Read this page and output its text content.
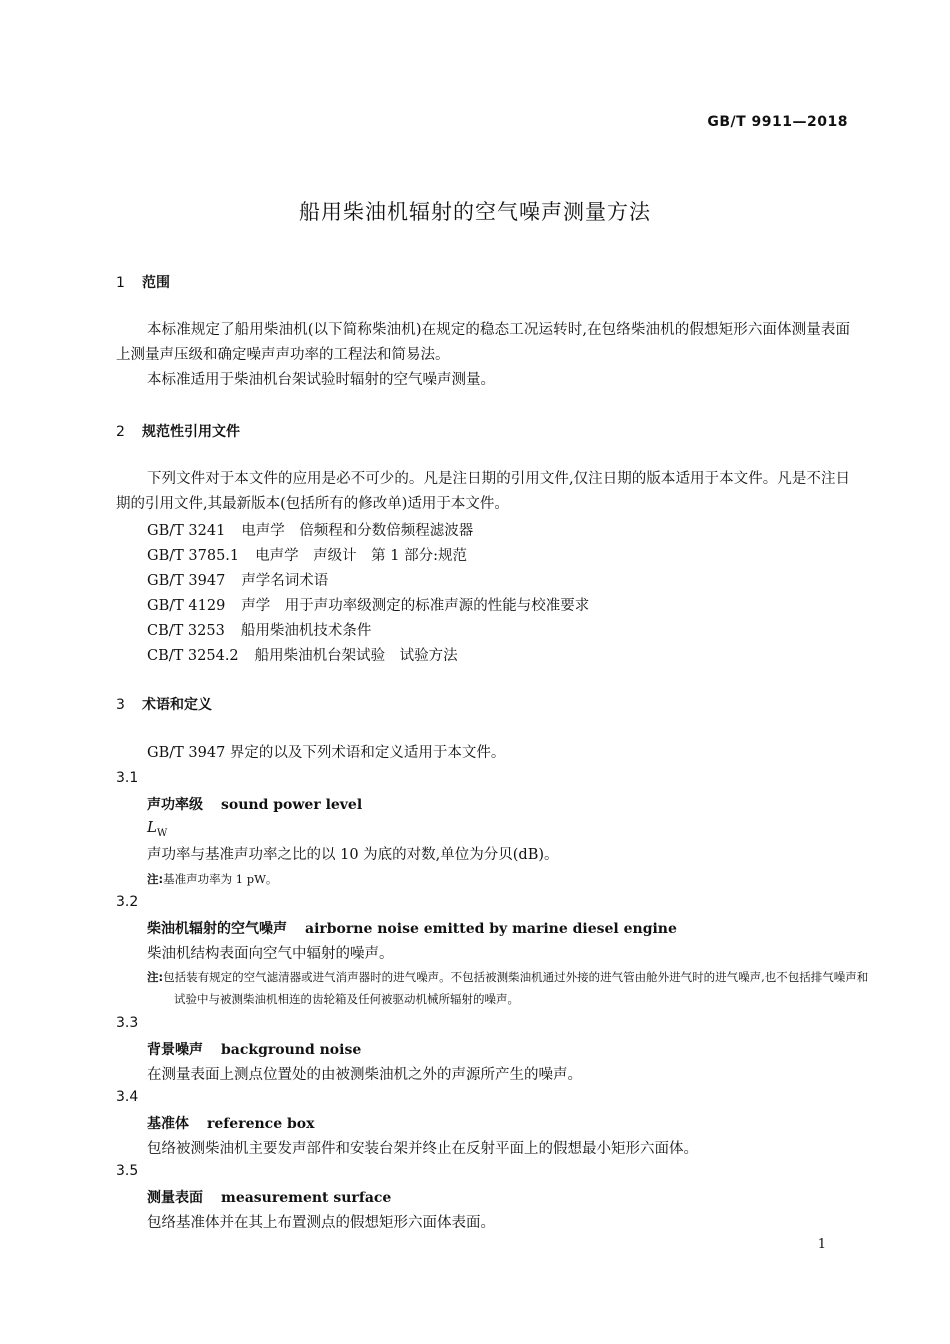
GB/T 9911—2018
船用柴油机辐射的空气噪声测量方法
1 范围
本标准规定了船用柴油机(以下简称柴油机)在规定的稳态工况运转时,在包络柴油机的假想矩形六面体测量表面上测量声压级和确定噪声声功率的工程法和简易法。
本标准适用于柴油机台架试验时辐射的空气噪声测量。
2 规范性引用文件
下列文件对于本文件的应用是必不可少的。凡是注日期的引用文件,仅注日期的版本适用于本文件。凡是不注日期的引用文件,其最新版本(包括所有的修改单)适用于本文件。
GB/T 3241 电声学　倍频程和分数倍频程滤波器
GB/T 3785.1 电声学　声级计　第 1 部分:规范
GB/T 3947 声学名词术语
GB/T 4129 声学　用于声功率级测定的标准声源的性能与校准要求
CB/T 3253 船用柴油机技术条件
CB/T 3254.2 船用柴油机台架试验　试验方法
3 术语和定义
GB/T 3947 界定的以及下列术语和定义适用于本文件。
3.1
声功率级 sound power level
$L_W$
声功率与基准声功率之比的以 10 为底的对数,单位为分贝(dB)。
注:基准声功率为 1 pW。
3.2
柴油机辐射的空气噪声 airborne noise emitted by marine diesel engine
柴油机结构表面向空气中辐射的噪声。
注:包括装有规定的空气滤清器或进气消声器时的进气噪声。不包括被测柴油机通过外接的进气管由舱外进气时的进气噪声,也不包括排气噪声和试验中与被测柴油机相连的齿轮箱及任何被驱动机械所辐射的噪声。
3.3
背景噪声 background noise
在测量表面上测点位置处的由被测柴油机之外的声源所产生的噪声。
3.4
基准体 reference box
包络被测柴油机主要发声部件和安装台架并终止在反射平面上的假想最小矩形六面体。
3.5
测量表面 measurement surface
包络基准体并在其上布置测点的假想矩形六面体表面。
1
